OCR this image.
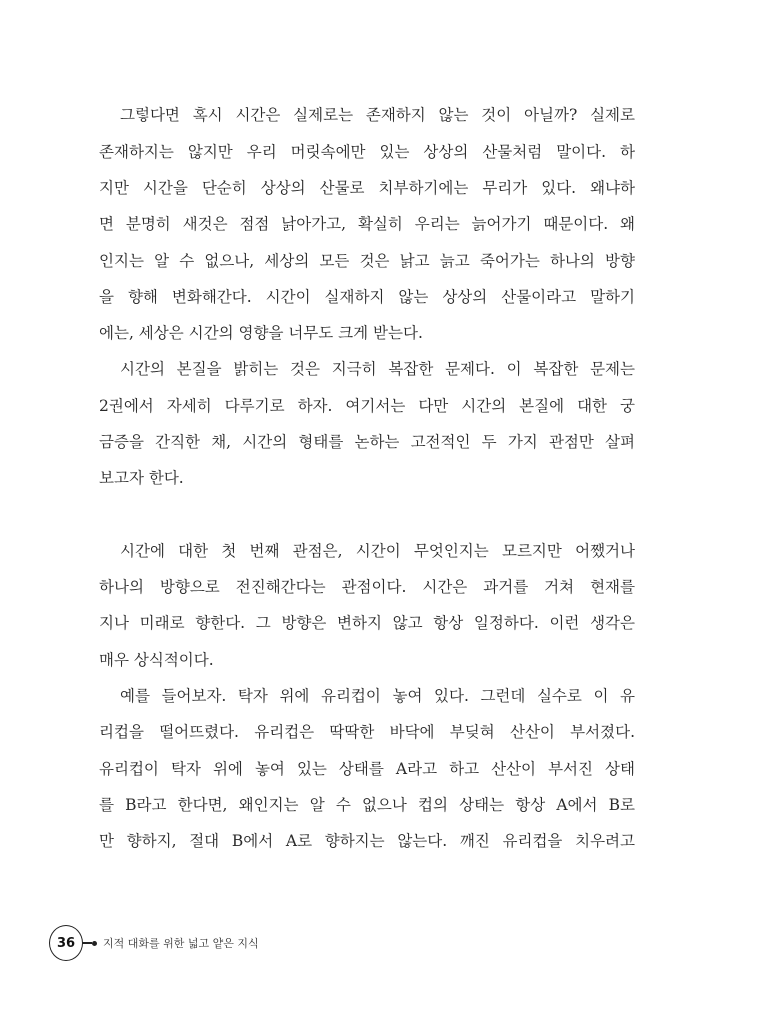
그렇다면 혹시 시간은 실제로는 존재하지 않는 것이 아닐까? 실제로
존재하지는 않지만 우리 머릿속에만 있는 상상의 산물처럼 말이다. 하
지만 시간을 단순히 상상의 산물로 치부하기에는 무리가 있다. 왜냐하
면 분명히 새것은 점점 낡아가고, 확실히 우리는 늙어가기 때문이다. 왜
인지는 알 수 없으나, 세상의 모든 것은 낡고 늙고 죽어가는 하나의 방향
을 향해 변화해간다. 시간이 실재하지 않는 상상의 산물이라고 말하기
에는, 세상은 시간의 영향을 너무도 크게 받는다.
시간의 본질을 밝히는 것은 지극히 복잡한 문제다. 이 복잡한 문제는
2권에서 자세히 다루기로 하자. 여기서는 다만 시간의 본질에 대한 궁
금증을 간직한 채, 시간의 형태를 논하는 고전적인 두 가지 관점만 살펴
보고자 한다.
시간에 대한 첫 번째 관점은, 시간이 무엇인지는 모르지만 어쨌거나
하나의 방향으로 전진해간다는 관점이다. 시간은 과거를 거쳐 현재를
지나 미래로 향한다. 그 방향은 변하지 않고 항상 일정하다. 이런 생각은
매우 상식적이다.
예를 들어보자. 탁자 위에 유리컵이 놓여 있다. 그런데 실수로 이 유
리컵을 떨어뜨렸다. 유리컵은 딱딱한 바닥에 부딪혀 산산이 부서졌다.
유리컵이 탁자 위에 놓여 있는 상태를 A라고 하고 산산이 부서진 상태
를 B라고 한다면, 왜인지는 알 수 없으나 컵의 상태는 항상 A에서 B로
만 향하지, 절대 B에서 A로 향하지는 않는다. 깨진 유리컵을 치우려고
36	지적 대화를 위한 넓고 얕은 지식
